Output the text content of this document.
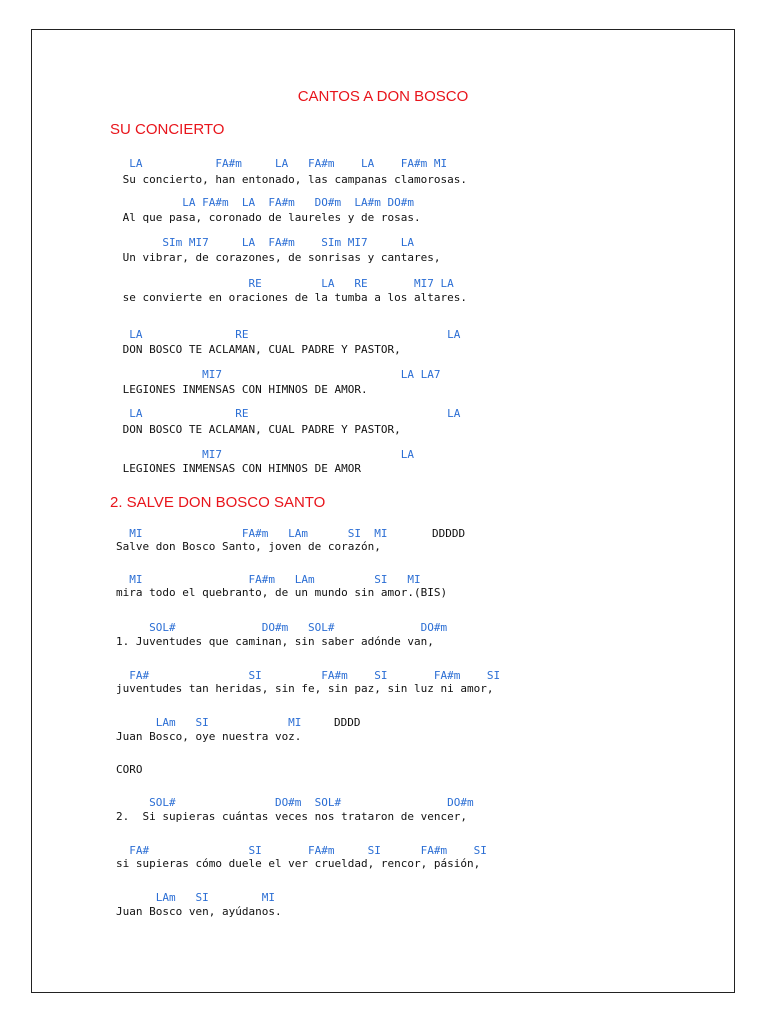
CANTOS A DON BOSCO
SU CONCIERTO
LA           FA#m     LA   FA#m    LA    FA#m MI
Su concierto, han entonado, las campanas clamorosas.
LA FA#m  LA  FA#m   DO#m  LA#m DO#m
Al que pasa, coronado de laureles y de rosas.
SIm MI7     LA  FA#m    SIm MI7     LA
Un vibrar, de corazones, de sonrisas y cantares,
RE         LA   RE       MI7 LA
se convierte en oraciones de la tumba a los altares.
LA              RE                              LA
DON BOSCO TE ACLAMAN, CUAL PADRE Y PASTOR,
MI7                           LA LA7
LEGIONES INMENSAS CON HIMNOS DE AMOR.
LA              RE                              LA
DON BOSCO TE ACLAMAN, CUAL PADRE Y PASTOR,
MI7                           LA
LEGIONES INMENSAS CON HIMNOS DE AMOR
2. SALVE DON BOSCO SANTO
MI               FA#m   LAm      SI  MI	DDDDD
Salve don Bosco Santo, joven de corazón,
MI                FA#m   LAm         SI   MI
mira todo el quebranto, de un mundo sin amor.(BIS)
SOL#             DO#m   SOL#             DO#m
1. Juventudes que caminan, sin saber adónde van,
FA#               SI         FA#m    SI       FA#m    SI
juventudes tan heridas, sin fe, sin paz, sin luz ni amor,
LAm   SI            MI	DDDD
Juan Bosco, oye nuestra voz.
CORO
SOL#               DO#m  SOL#                DO#m
2.  Si supieras cuántas veces nos trataron de vencer,
FA#               SI       FA#m     SI      FA#m    SI
si supieras cómo duele el ver crueldad, rencor, pásión,
LAm   SI        MI
Juan Bosco ven, ayúdanos.
